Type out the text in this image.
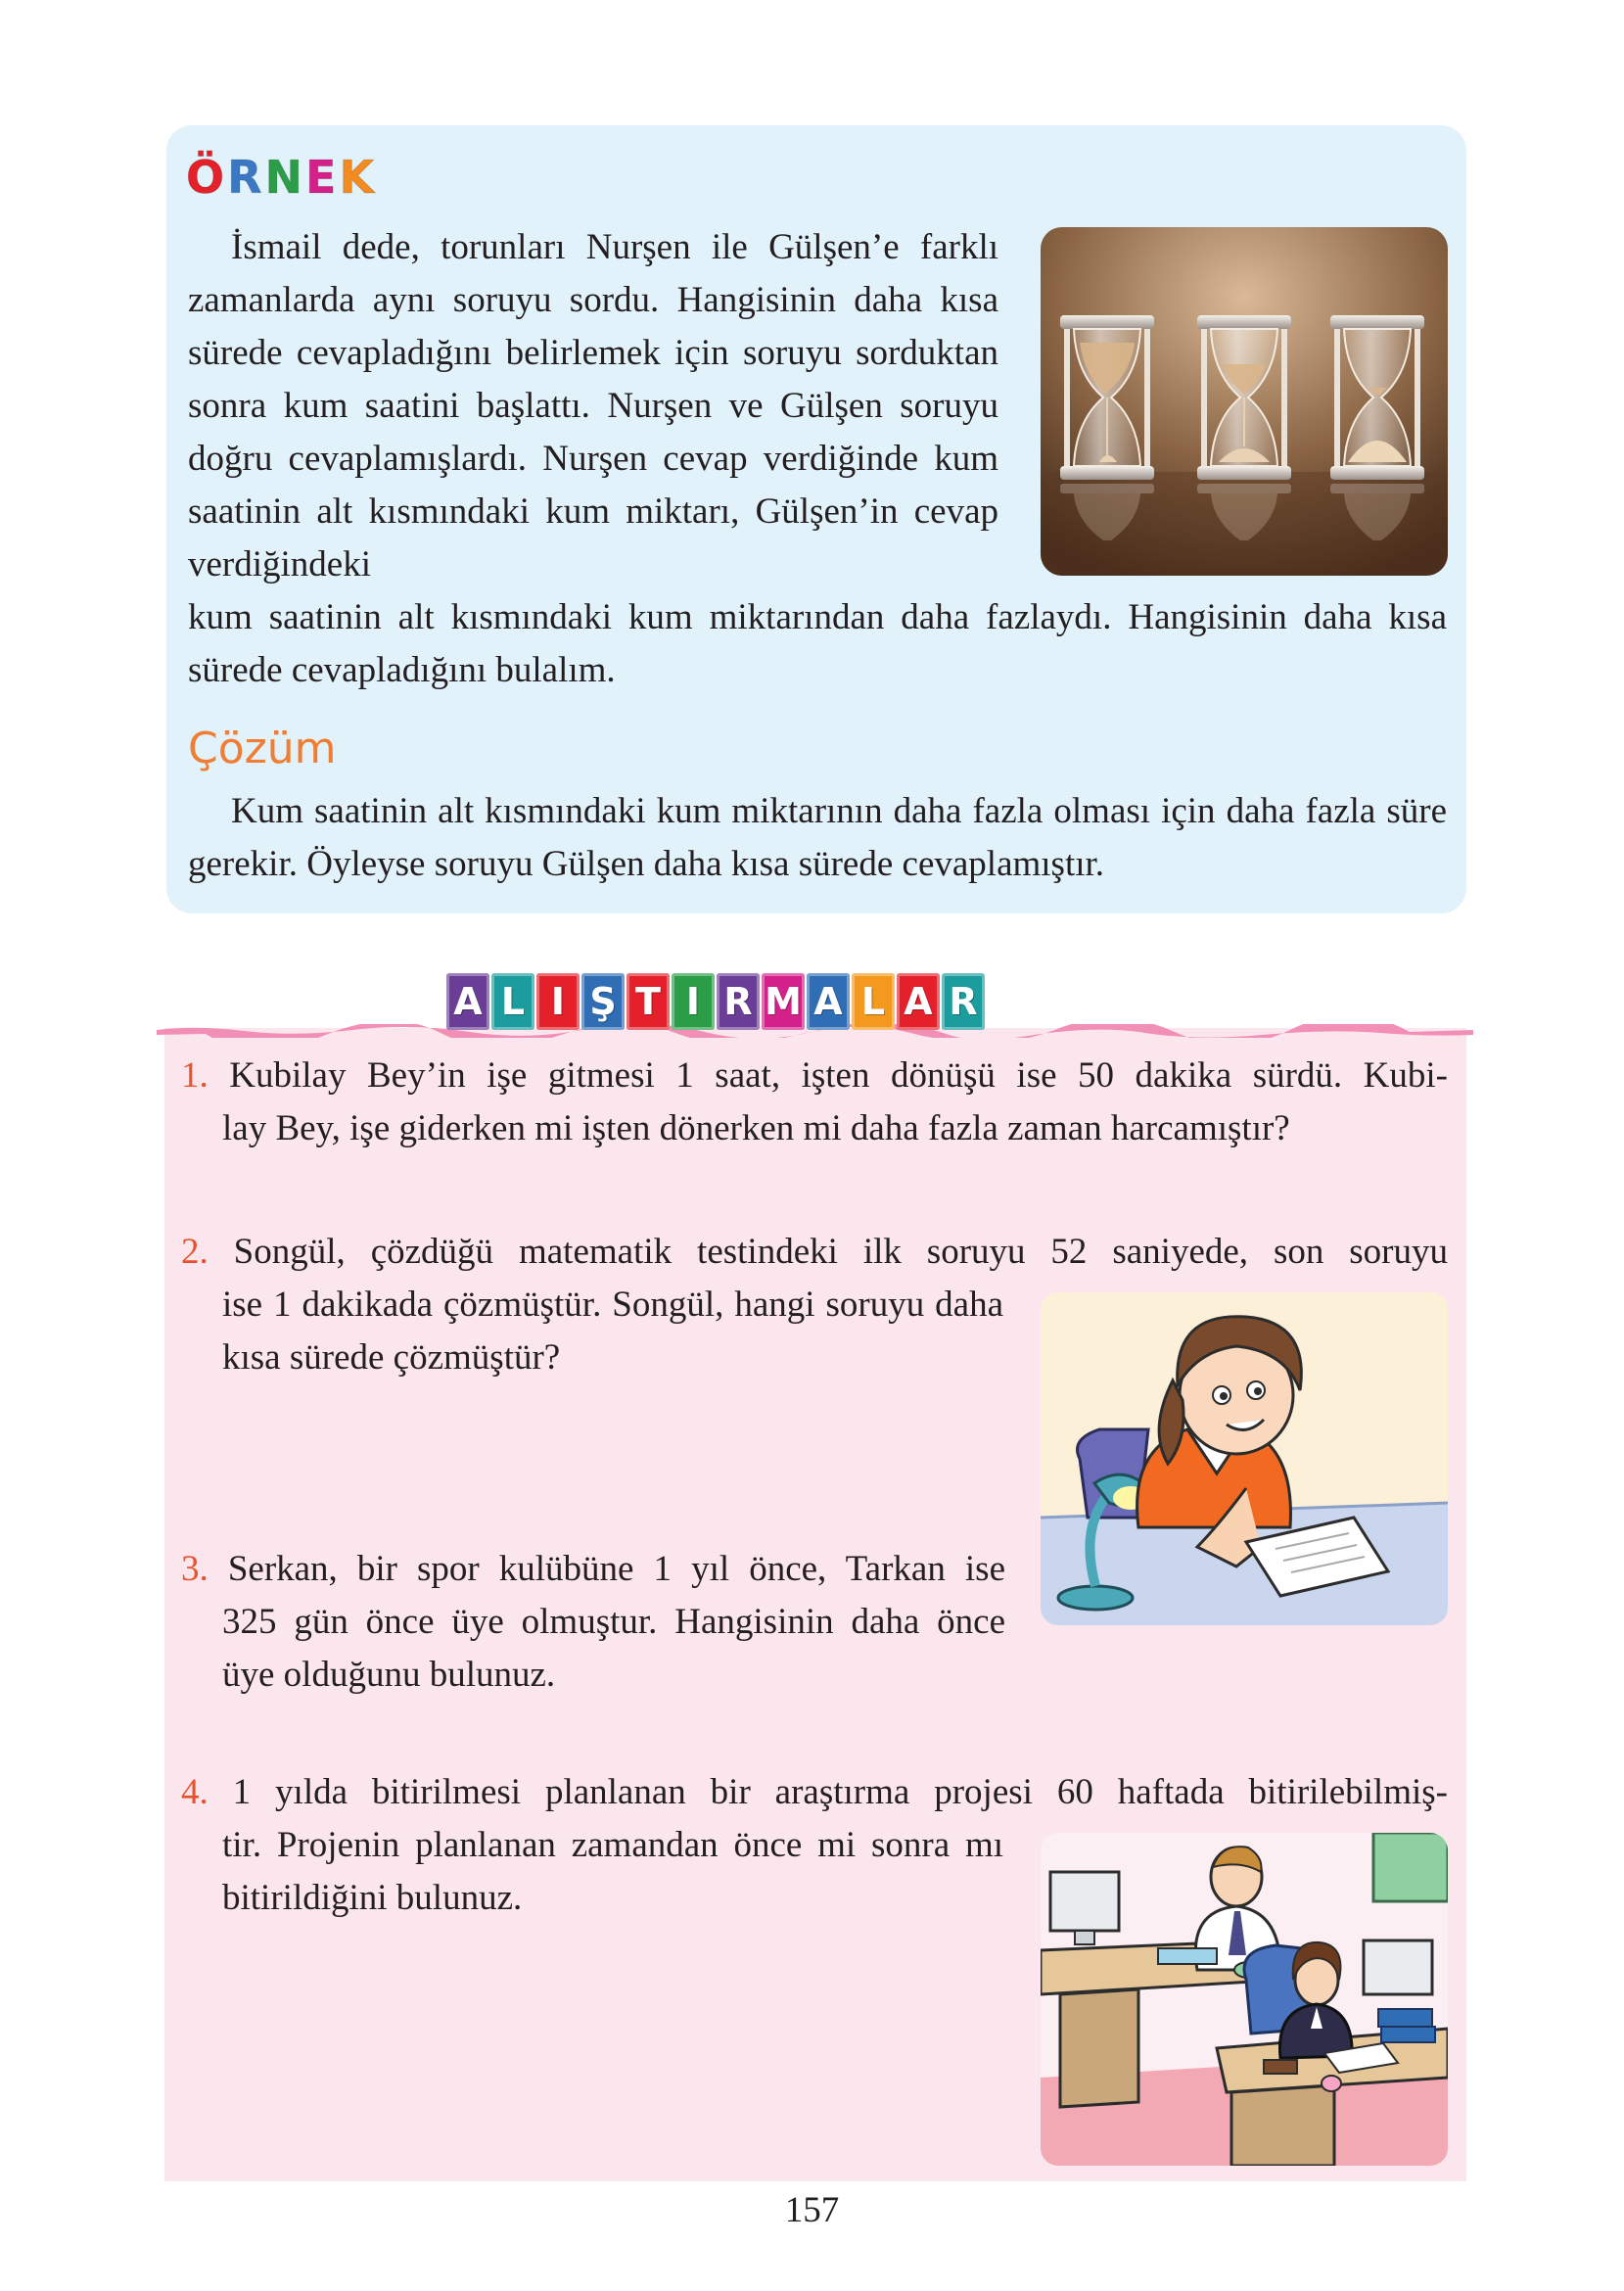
ÖRNEK
İsmail dede, torunları Nurşen ile Gülşen’e farklı zamanlarda aynı soruyu sordu. Hangisinin daha kısa sürede cevapladığını belirlemek için soruyu sorduktan sonra kum saatini başlattı. Nurşen ve Gülşen soruyu doğru cevaplamışlardı. Nurşen cevap verdiğinde kum saatinin alt kısmındaki kum miktarı, Gülşen’in cevap verdiğindeki
kum saatinin alt kısmındaki kum miktarından daha fazlaydı. Hangisinin daha kısa sürede cevapladığını bulalım.
Çözüm
Kum saatinin alt kısmındaki kum miktarının daha fazla olması için daha fazla süre gerekir. Öyleyse soruyu Gülşen daha kısa sürede cevaplamıştır.
A L I Ş T I R M A L A R
1. Kubilay Bey’in işe gitmesi 1 saat, işten dönüşü ise 50 dakika sürdü. Kubi-
lay Bey, işe giderken mi işten dönerken mi daha fazla zaman harcamıştır?
2. Songül, çözdüğü matematik testindeki ilk soruyu 52 saniyede, son soruyu
ise 1 dakikada çözmüştür. Songül, hangi soruyu daha kısa sürede çözmüştür?
3. Serkan, bir spor kulübüne 1 yıl önce, Tarkan ise
325 gün önce üye olmuştur. Hangisinin daha önce üye olduğunu bulunuz.
4. 1 yılda bitirilmesi planlanan bir araştırma projesi 60 haftada bitirilebilmiş-
tir. Projenin planlanan zamandan önce mi sonra mı bitirildiğini bulunuz.
157
